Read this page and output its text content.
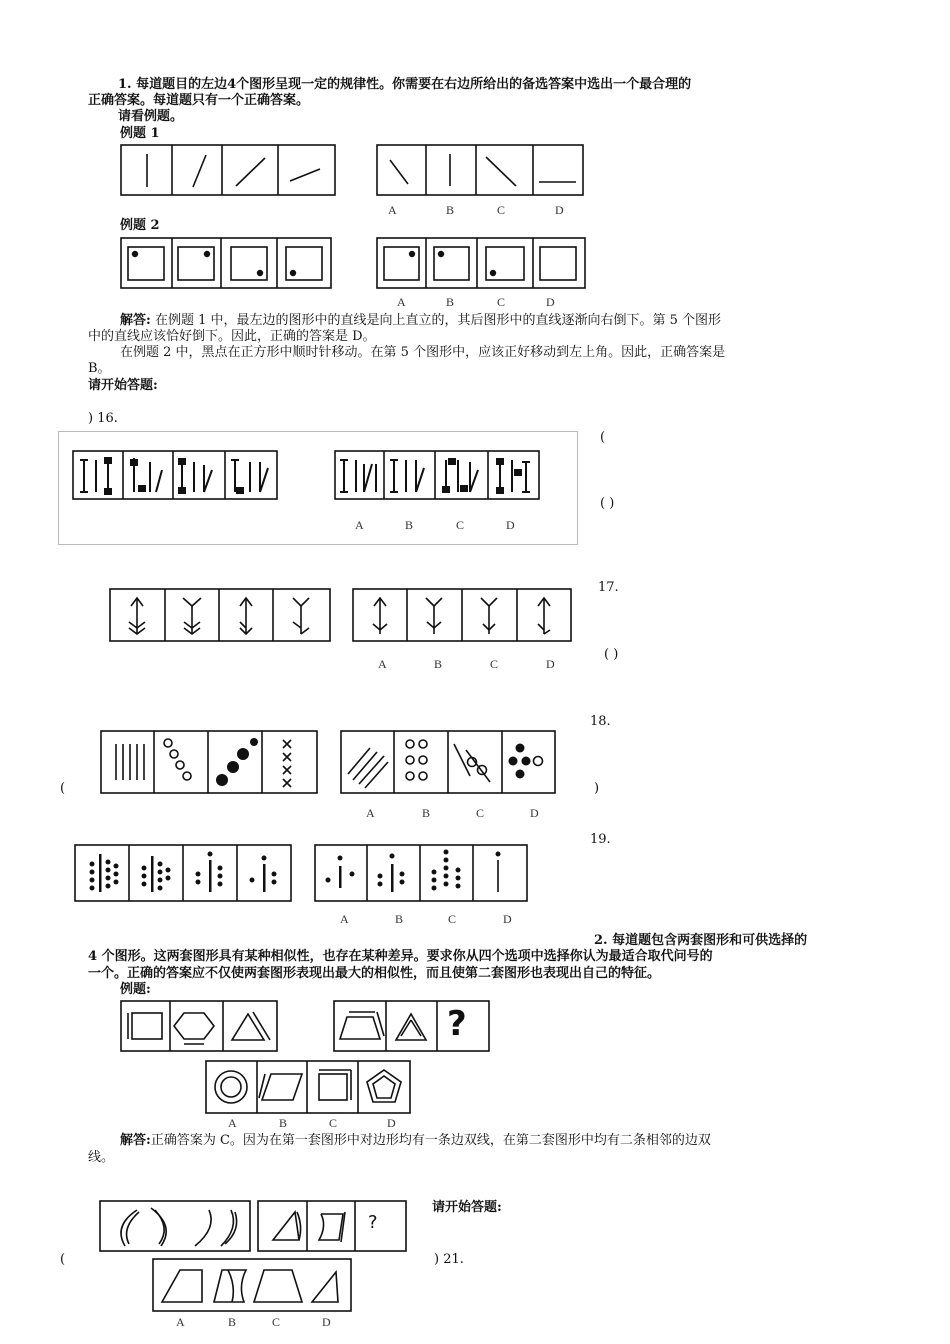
1. 每道题目的左边4个图形呈现一定的规律性。你需要在右边所给出的备选答案中选出一个最合理的
正确答案。每道题只有一个正确答案。
请看例题。
例题 1
A	B	C	D
例题 2
A	B	C	D
解答: 在例题 1 中，最左边的图形中的直线是向上直立的，其后图形中的直线逐渐向右倒下。第 5 个图形
中的直线应该恰好倒下。因此，正确的答案是 D。
在例题 2 中，黑点在正方形中顺时针移动。在第 5 个图形中，应该正好移动到左上角。因此，正确答案是
B。
请开始答题:
) 16.
A	B	C	D
(
( )
A	B	C	D
17.
( )
A	B	C	D
18.
(	)
A	B	C	D
19.
2. 每道题包含两套图形和可供选择的
4 个图形。这两套图形具有某种相似性，也存在某种差异。要求你从四个选项中选择你认为最适合取代问号的
一个。正确的答案应不仅使两套图形表现出最大的相似性，而且使第二套图形也表现出自己的特征。
例题:
?
A	B	C	D
解答:正确答案为 C。因为在第一套图形中对边形均有一条边双线，在第二套图形中均有二条相邻的边双
线。
请开始答题:
?
A	B	C	D
(	) 21.
